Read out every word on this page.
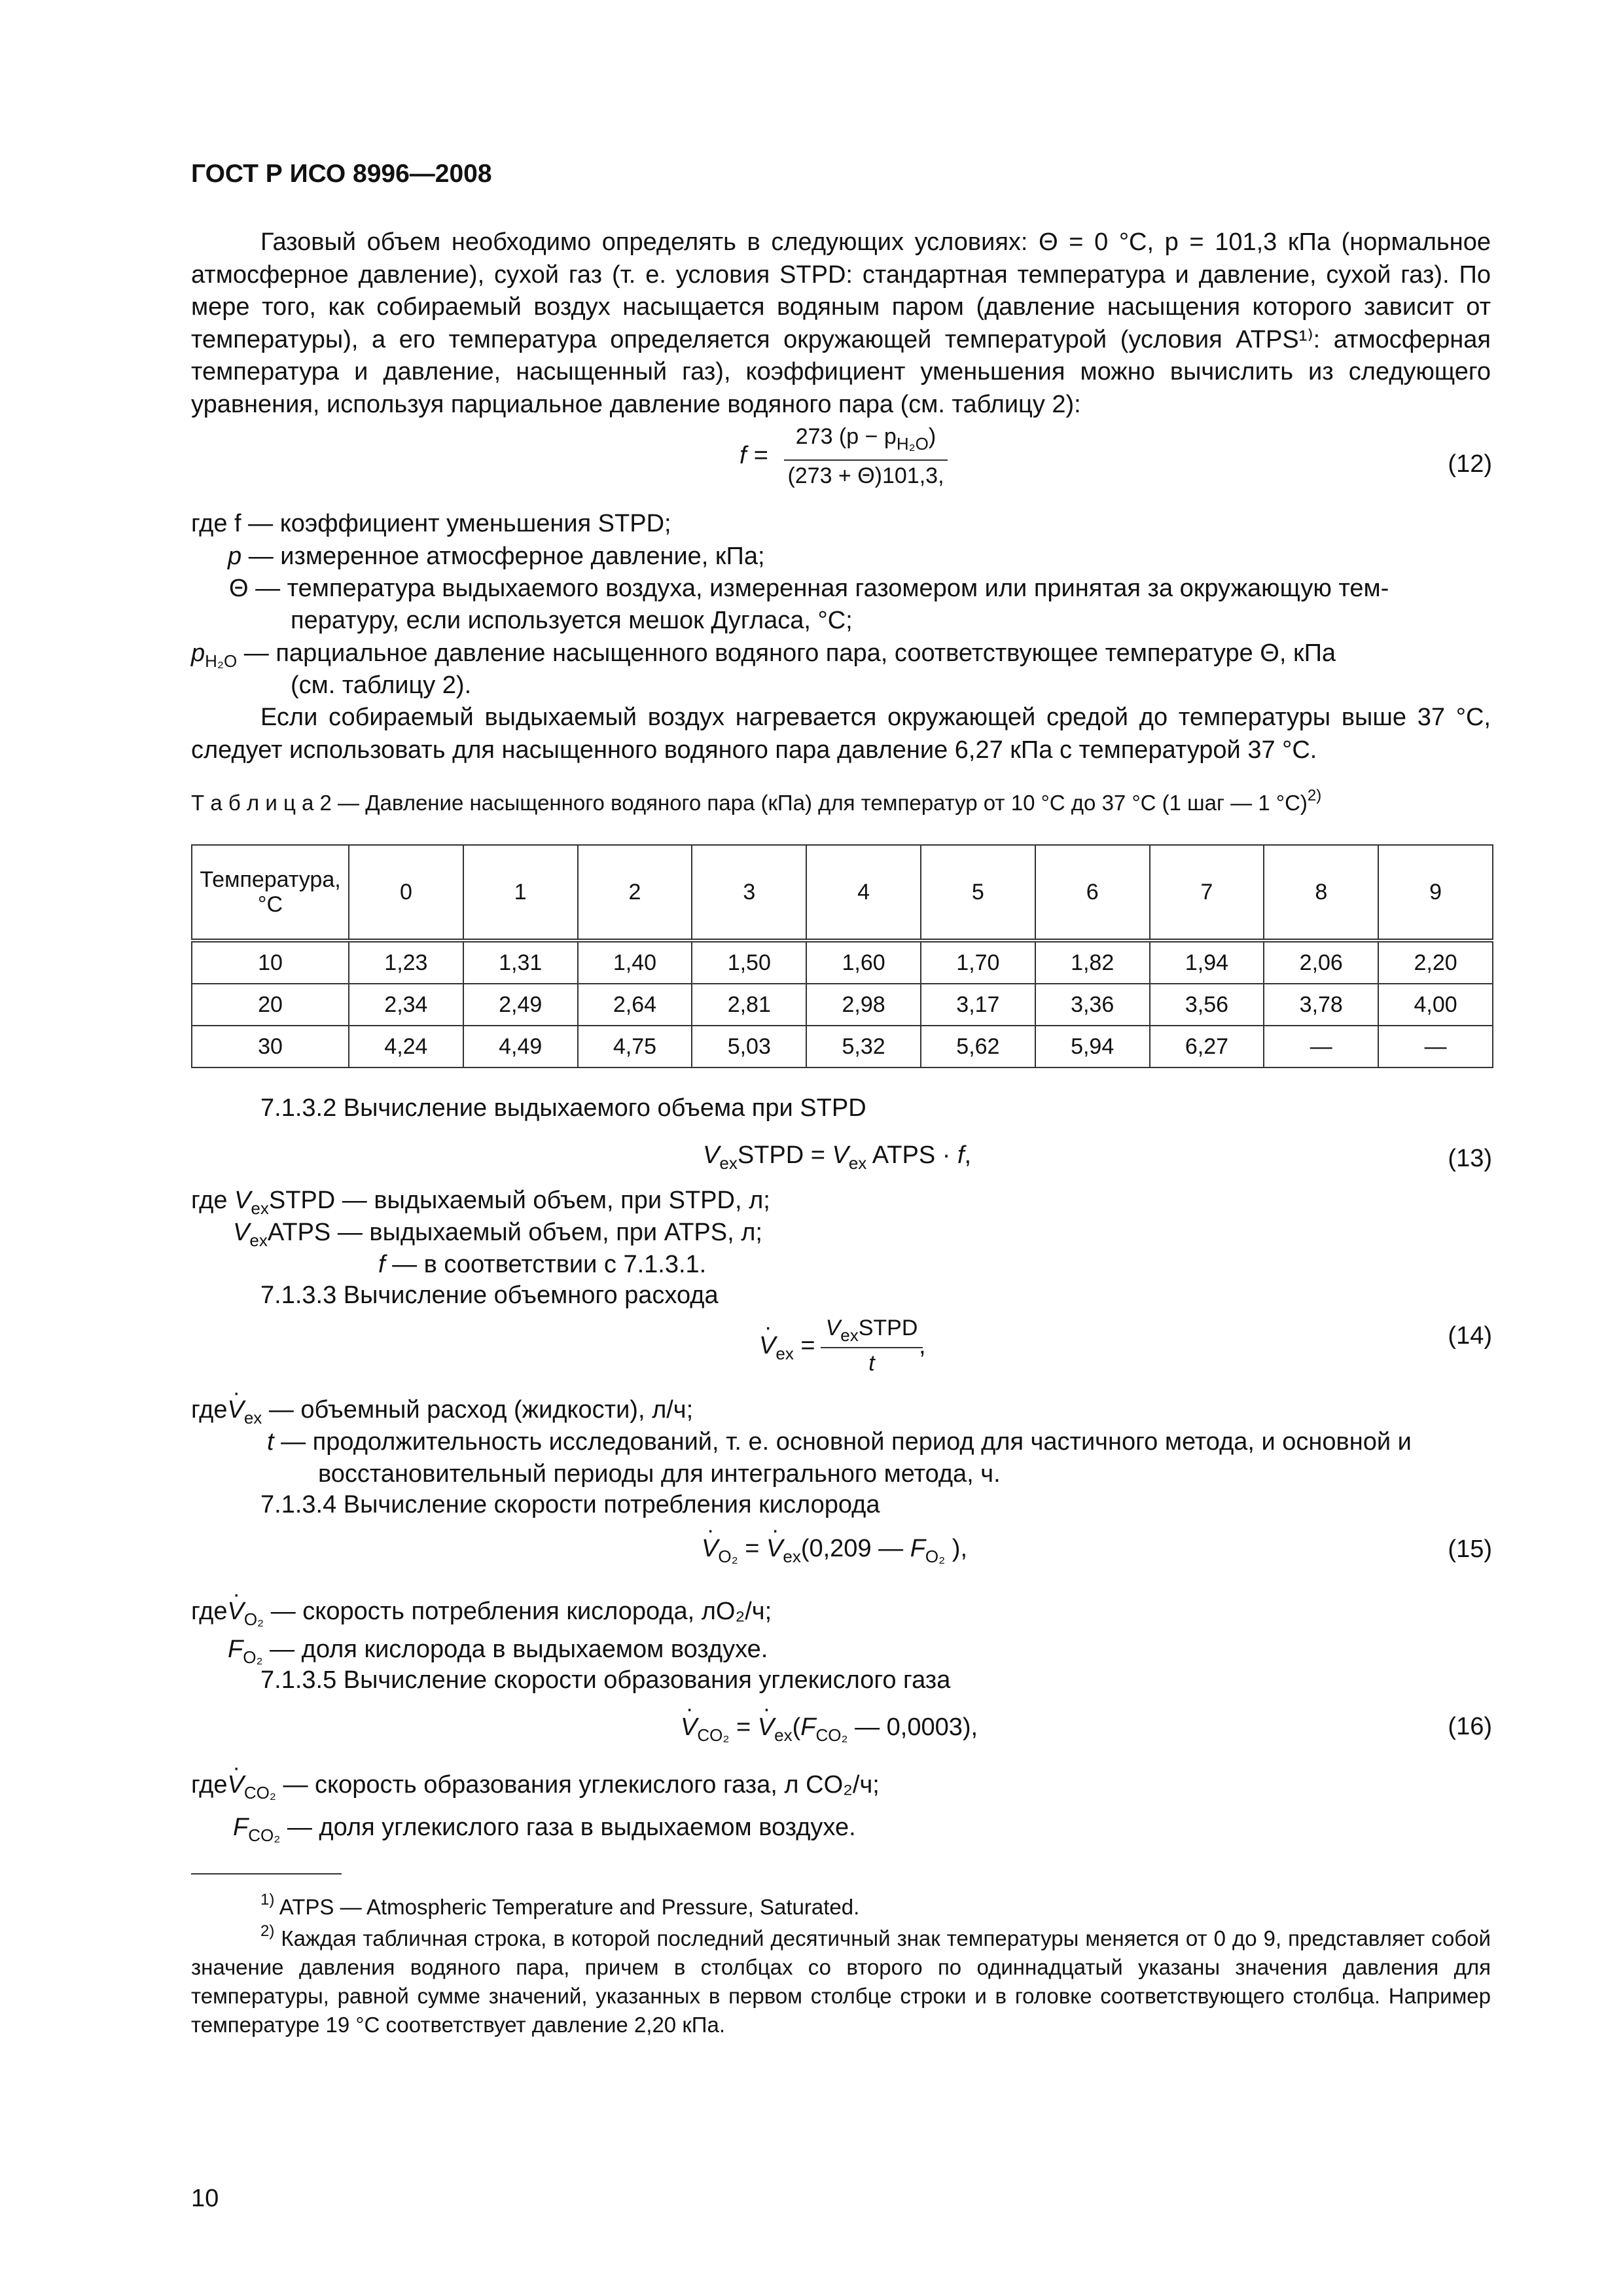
ГОСТ Р ИСО 8996—2008
Газовый объем необходимо определять в следующих условиях: Θ = 0 °С, p = 101,3 кПа (нормальное атмосферное давление), сухой газ (т. е. условия STPD: стандартная температура и давление, сухой газ). По мере того, как собираемый воздух насыщается водяным паром (давление насыщения которого зависит от температуры), а его температура определяется окружающей температурой (условия ATPS¹⁾: атмосферная температура и давление, насыщенный газ), коэффициент уменьшения можно вычислить из следующего уравнения, используя парциальное давление водяного пара (см. таблицу 2):
f =
273 $(p - p_{H_2O})$
(273 + Θ)101,3,	(12)
где f — коэффициент уменьшения STPD;
p — измеренное атмосферное давление, кПа;
Θ — температура выдыхаемого воздуха, измеренная газомером или принятая за окружающую тем-
пературу, если используется мешок Дугласа, °С;
$p_{H_2O}$ — парциальное давление насыщенного водяного пара, соответствующее температуре Θ, кПа
(см. таблицу 2).
Если собираемый выдыхаемый воздух нагревается окружающей средой до температуры выше 37 °С, следует использовать для насыщенного водяного пара давление 6,27 кПа с температурой 37 °С.
Т а б л и ц а 2 — Давление насыщенного водяного пара (кПа) для температур от 10 °С до 37 °С (1 шаг — 1 °С)$^{2)}$
Температура, °С	0	1	2	3	4	5	6	7	8	9
10	1,23	1,31	1,40	1,50	1,60	1,70	1,82	1,94	2,06	2,20
20	2,34	2,49	2,64	2,81	2,98	3,17	3,36	3,56	3,78	4,00
30	4,24	4,49	4,75	5,03	5,32	5,62	5,94	6,27	—	—
7.1.3.2 Вычисление выдыхаемого объема при STPD
$V_{ex}STPD = V_{ex}$ ATPS · f,	(13)
где $V_{ex}STPD$ — выдыхаемый объем, при STPD, л;
$V_{ex}ATPS$ — выдыхаемый объем, при ATPS, л;
f — в соответствии с 7.1.3.1.
7.1.3.3 Вычисление объемного расхода
· $V_{ex}$ =
$V_{ex}STPD$
t
,	(14)
$где\cdot V_{ex}$ — объемный расход (жидкости), л/ч;
t — продолжительность исследований, т. е. основной период для частичного метода, и основной и
восстановительный периоды для интегрального метода, ч.
7.1.3.4 Вычисление скорости потребления кислорода
· $V_{O_2}$ = · $V_{ex}(0,209$ — $F_{O_2}$ ),	(15)
$где\cdot V_{O_2}$ — скорость потребления кислорода, лО₂/ч;
$F_{O_2}$ — доля кислорода в выдыхаемом воздухе.
7.1.3.5 Вычисление скорости образования углекислого газа
· $V_{CO_2}$ = · $V_{ex}(F_{CO_2}$ — 0,0003),	(16)
$где\cdot V_{CO_2}$ — скорость образования углекислого газа, л CO₂/ч;
$F_{CO_2}$ — доля углекислого газа в выдыхаемом воздухе.
$^{1)}$ ATPS — Atmospheric Temperature and Pressure, Saturated.
$^{2)}$ Каждая табличная строка, в которой последний десятичный знак температуры меняется от 0 до 9, представляет собой значение давления водяного пара, причем в столбцах со второго по одиннадцатый указаны значения давления для температуры, равной сумме значений, указанных в первом столбце строки и в головке соответствующего столбца. Например температуре 19 °С соответствует давление 2,20 кПа.
10
